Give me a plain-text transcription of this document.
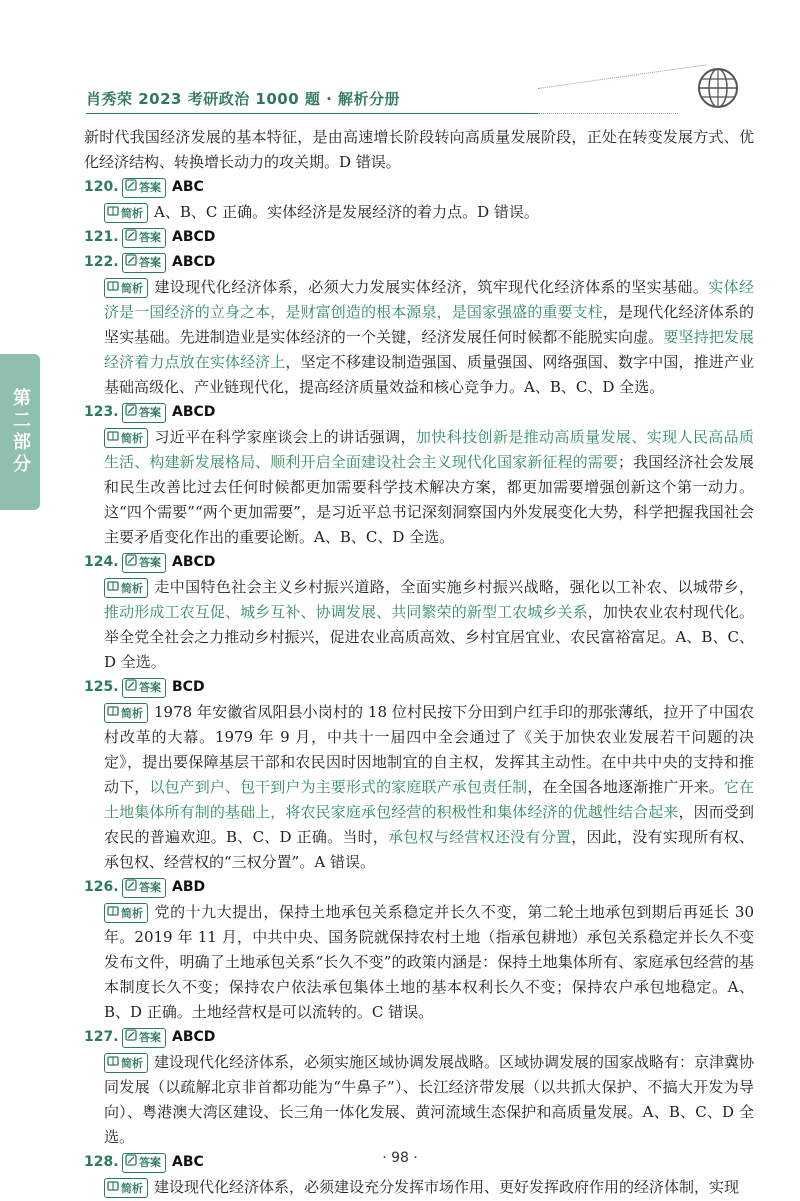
肖秀荣 2023 考研政治 1000 题 · 解析分册
第二部分

新时代我国经济发展的基本特征，是由高速增长阶段转向高质量发展阶段，正处在转变发展方式、优化经济结构、转换增长动力的攻关期。D 错误。

120.	答案 ABC

简析 A、B、C 正确。实体经济是发展经济的着力点。D 错误。

121.	答案 ABCD
122.	答案 ABCD

简析 建设现代化经济体系，必须大力发展实体经济，筑牢现代化经济体系的坚实基础。实体经济是一国经济的立身之本，是财富创造的根本源泉，是国家强盛的重要支柱，是现代化经济体系的坚实基础。先进制造业是实体经济的一个关键，经济发展任何时候都不能脱实向虚。要坚持把发展经济着力点放在实体经济上，坚定不移建设制造强国、质量强国、网络强国、数字中国，推进产业基础高级化、产业链现代化，提高经济质量效益和核心竞争力。A、B、C、D 全选。

123.	答案 ABCD

简析 习近平在科学家座谈会上的讲话强调，加快科技创新是推动高质量发展、实现人民高品质生活、构建新发展格局、顺利开启全面建设社会主义现代化国家新征程的需要；我国经济社会发展和民生改善比过去任何时候都更加需要科学技术解决方案，都更加需要增强创新这个第一动力。这“四个需要”“两个更加需要”，是习近平总书记深刻洞察国内外发展变化大势，科学把握我国社会主要矛盾变化作出的重要论断。A、B、C、D 全选。

124.	答案 ABCD

简析 走中国特色社会主义乡村振兴道路，全面实施乡村振兴战略，强化以工补农、以城带乡，推动形成工农互促、城乡互补、协调发展、共同繁荣的新型工农城乡关系，加快农业农村现代化。举全党全社会之力推动乡村振兴，促进农业高质高效、乡村宜居宜业、农民富裕富足。A、B、C、D 全选。

125.	答案 BCD

简析 1978 年安徽省凤阳县小岗村的 18 位村民按下分田到户红手印的那张薄纸，拉开了中国农村改革的大幕。1979 年 9 月，中共十一届四中全会通过了《关于加快农业发展若干问题的决定》，提出要保障基层干部和农民因时因地制宜的自主权，发挥其主动性。在中共中央的支持和推动下，以包产到户、包干到户为主要形式的家庭联产承包责任制，在全国各地逐渐推广开来。它在土地集体所有制的基础上，将农民家庭承包经营的积极性和集体经济的优越性结合起来，因而受到农民的普遍欢迎。B、C、D 正确。当时，承包权与经营权还没有分置，因此，没有实现所有权、承包权、经营权的“三权分置”。A 错误。

126.	答案 ABD

简析 党的十九大提出，保持土地承包关系稳定并长久不变，第二轮土地承包到期后再延长 30 年。2019 年 11 月，中共中央、国务院就保持农村土地（指承包耕地）承包关系稳定并长久不变发布文件，明确了土地承包关系“长久不变”的政策内涵是：保持土地集体所有、家庭承包经营的基本制度长久不变；保持农户依法承包集体土地的基本权利长久不变；保持农户承包地稳定。A、B、D 正确。土地经营权是可以流转的。C 错误。

127.	答案 ABCD

简析 建设现代化经济体系，必须实施区域协调发展战略。区域协调发展的国家战略有：京津冀协同发展（以疏解北京非首都功能为“牛鼻子”）、长江经济带发展（以共抓大保护、不搞大开发为导向）、粤港澳大湾区建设、长三角一体化发展、黄河流域生态保护和高质量发展。A、B、C、D 全选。

128.	答案 ABC

简析 建设现代化经济体系，必须建设充分发挥市场作用、更好发挥政府作用的经济体制，实现

· 98 ·
